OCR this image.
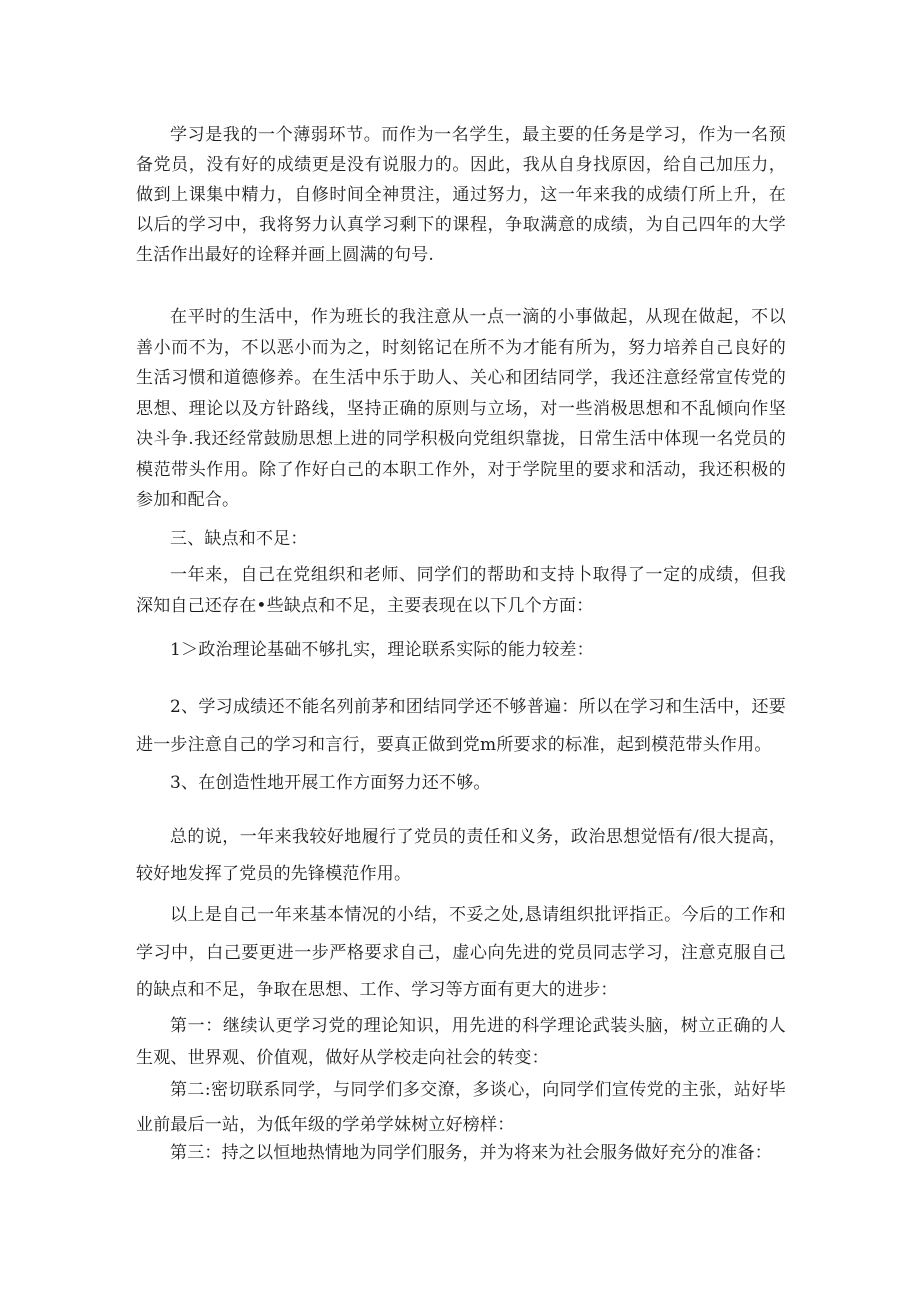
学习是我的一个薄弱环节。而作为一名学生，最主要的任务是学习，作为一名预备党员，没有好的成绩更是没有说服力的。因此，我从自身找原因，给自己加压力，做到上课集中精力，自修时间全神贯注，通过努力，这一年来我的成绩仃所上升，在以后的学习中，我将努力认真学习剩下的课程，争取满意的成绩，为自己四年的大学生活作出最好的诠释并画上圆满的句号.

在平时的生活中，作为班长的我注意从一点一滴的小事做起，从现在做起，不以善小而不为，不以恶小而为之，时刻铭记在所不为才能有所为，努力培养自己良好的生活习惯和道德修养。在生活中乐于助人、关心和团结同学，我还注意经常宣传党的思想、理论以及方针路线，坚持正确的原则与立场，对一些消极思想和不乱倾向作坚决斗争.我还经常鼓励思想上进的同学积极向党组织靠拢，日常生活中体现一名党员的模范带头作用。除了作好白己的本职工作外，对于学院里的要求和活动，我还积极的参加和配合。

三、缺点和不足：

一年来，自己在党组织和老师、同学们的帮助和支持卜取得了一定的成绩，但我深知自己还存在•些缺点和不足，主要表现在以下几个方面：

1＞政治理论基础不够扎实，理论联系实际的能力较差：

2、学习成绩还不能名列前茅和团结同学还不够普遍：所以在学习和生活中，还要进一步注意自己的学习和言行，要真正做到党m所要求的标准，起到模范带头作用。

3、在创造性地开展工作方面努力还不够。

总的说，一年来我较好地履行了党员的责任和义务，政治思想觉悟有/很大提高，较好地发挥了党员的先锋模范作用。

以上是自己一年来基本情况的小结，不妥之处,恳请组织批评指正。今后的工作和学习中，白己要更进一步严格要求自己，虚心向先进的党员同志学习，注意克服自己的缺点和不足，争取在思想、工作、学习等方面有更大的进步：

第一：继续认更学习党的理论知识，用先进的科学理论武装头脑，树立正确的人生观、世界观、价值观，做好从学校走向社会的转变：

第二:密切联系同学，与同学们多交潦，多谈心，向同学们宣传党的主张，站好毕业前最后一站，为低年级的学弟学妹树立好榜样：

第三：持之以恒地热情地为同学们服务，并为将来为社会服务做好充分的准备：
